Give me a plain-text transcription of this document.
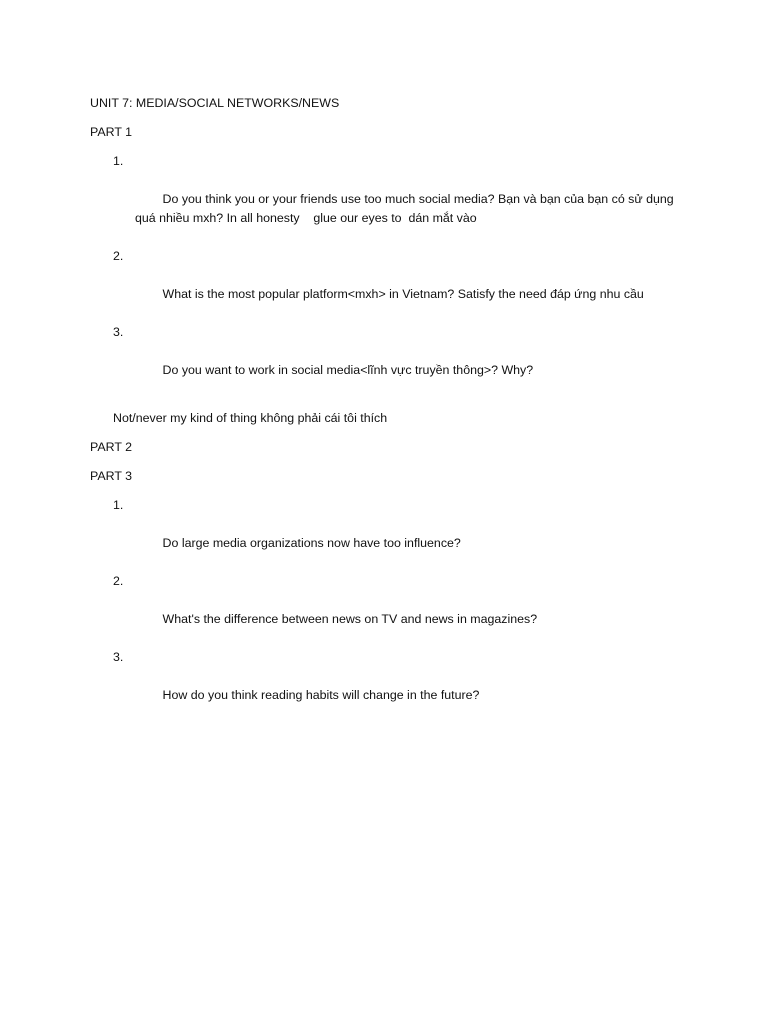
UNIT 7: MEDIA/SOCIAL NETWORKS/NEWS

PART 1

1.

Do you think you or your friends use too much social media? Bạn và bạn của bạn có sử dụng quá nhiều mxh? In all honesty    glue our eyes to  dán mắt vào

2.

What is the most popular platform<mxh> in Vietnam? Satisfy the need đáp ứng nhu cầu

3.

Do you want to work in social media<lĩnh vực truyền thông>? Why?

Not/never my kind of thing không phải cái tôi thích

PART 2

PART 3

1.

Do large media organizations now have too influence?

2.

What's the difference between news on TV and news in magazines?

3.

How do you think reading habits will change in the future?
